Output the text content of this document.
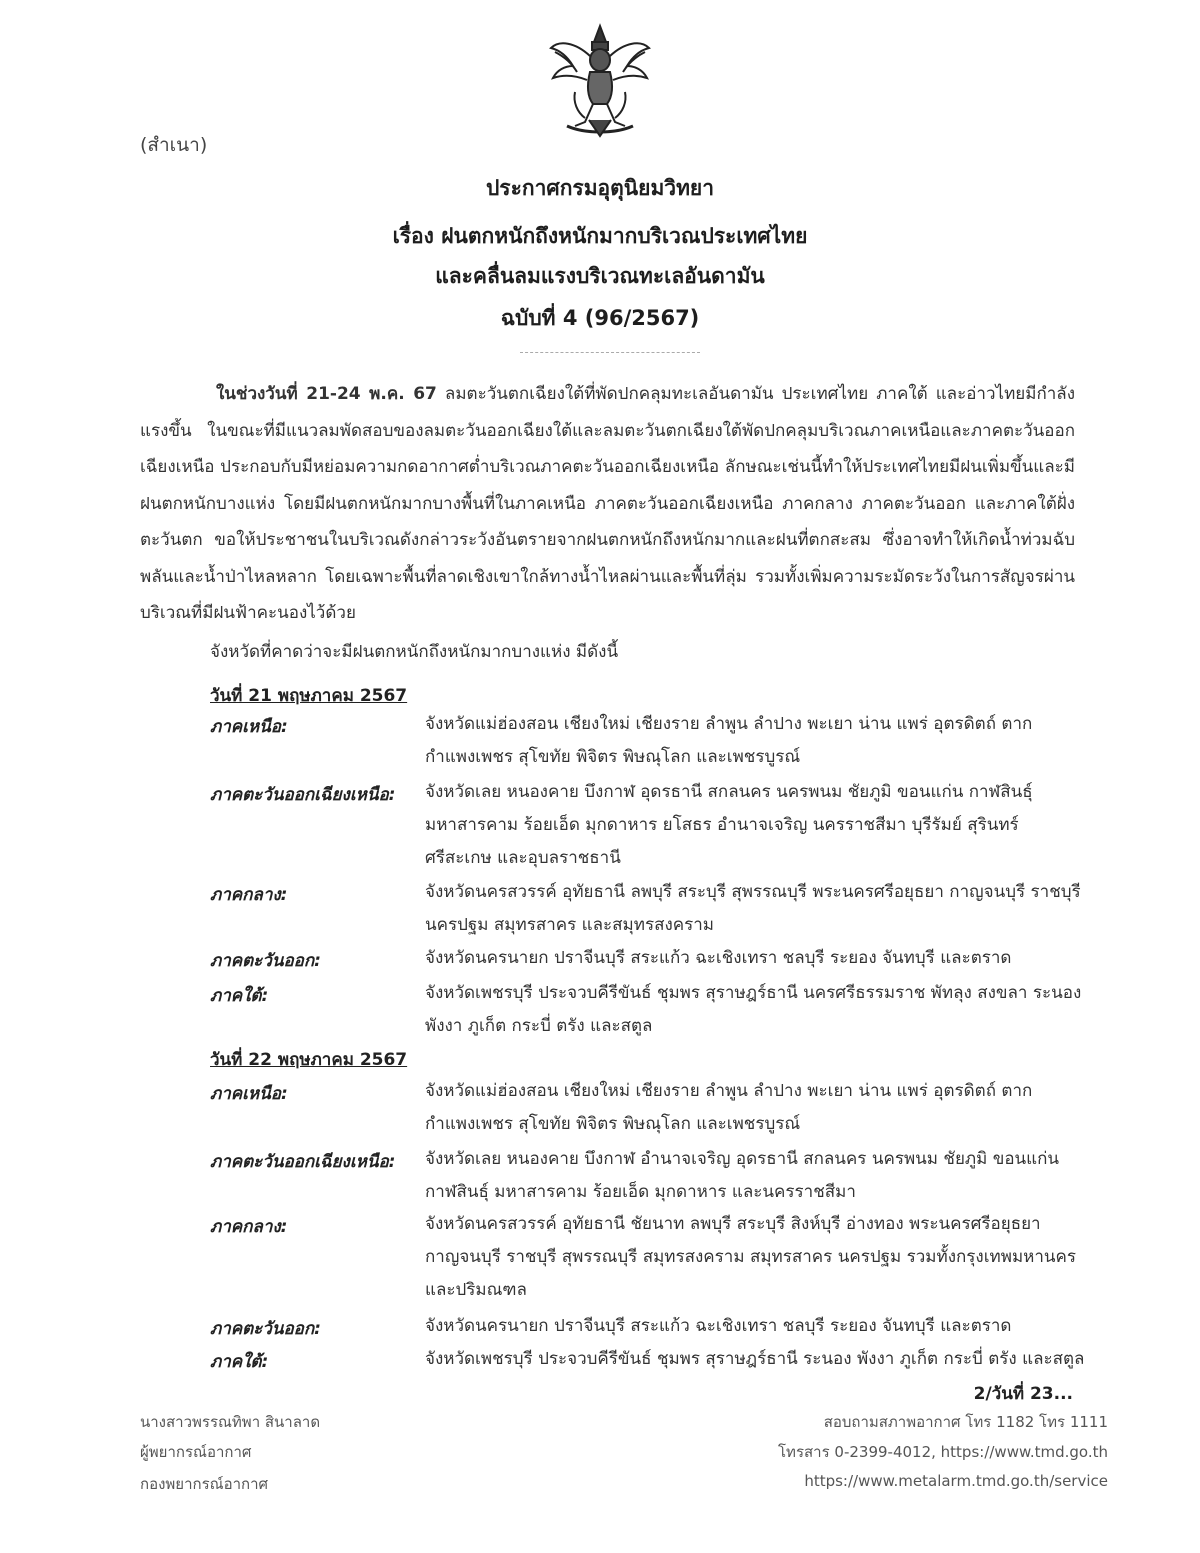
(สำเนา)
ประกาศกรมอุตุนิยมวิทยา
เรื่อง ฝนตกหนักถึงหนักมากบริเวณประเทศไทย
และคลื่นลมแรงบริเวณทะเลอันดามัน
ฉบับที่ 4 (96/2567)
ในช่วงวันที่ 21-24 พ.ค. 67 ลมตะวันตกเฉียงใต้ที่พัดปกคลุมทะเลอันดามัน ประเทศไทย ภาคใต้ และอ่าวไทยมีกำลังแรงขึ้น ในขณะที่มีแนวลมพัดสอบของลมตะวันออกเฉียงใต้และลมตะวันตกเฉียงใต้พัดปกคลุมบริเวณภาคเหนือและภาคตะวันออกเฉียงเหนือ ประกอบกับมีหย่อมความกดอากาศต่ำบริเวณภาคตะวันออกเฉียงเหนือ ลักษณะเช่นนี้ทำให้ประเทศไทยมีฝนเพิ่มขึ้นและมีฝนตกหนักบางแห่ง โดยมีฝนตกหนักมากบางพื้นที่ในภาคเหนือ ภาคตะวันออกเฉียงเหนือ ภาคกลาง ภาคตะวันออก และภาคใต้ฝั่งตะวันตก ขอให้ประชาชนในบริเวณดังกล่าวระวังอันตรายจากฝนตกหนักถึงหนักมากและฝนที่ตกสะสม ซึ่งอาจทำให้เกิดน้ำท่วมฉับพลันและน้ำป่าไหลหลาก โดยเฉพาะพื้นที่ลาดเชิงเขาใกล้ทางน้ำไหลผ่านและพื้นที่ลุ่ม รวมทั้งเพิ่มความระมัดระวังในการสัญจรผ่านบริเวณที่มีฝนฟ้าคะนองไว้ด้วย
จังหวัดที่คาดว่าจะมีฝนตกหนักถึงหนักมากบางแห่ง มีดังนี้
วันที่ 21 พฤษภาคม 2567
ภาคเหนือ:	จังหวัดแม่ฮ่องสอน เชียงใหม่ เชียงราย ลำพูน ลำปาง พะเยา น่าน แพร่ อุตรดิตถ์ ตาก กำแพงเพชร สุโขทัย พิจิตร พิษณุโลก และเพชรบูรณ์
ภาคตะวันออกเฉียงเหนือ:	จังหวัดเลย หนองคาย บึงกาฬ อุดรธานี สกลนคร นครพนม ชัยภูมิ ขอนแก่น กาฬสินธุ์ มหาสารคาม ร้อยเอ็ด มุกดาหาร ยโสธร อำนาจเจริญ นครราชสีมา บุรีรัมย์ สุรินทร์ ศรีสะเกษ และอุบลราชธานี
ภาคกลาง:	จังหวัดนครสวรรค์ อุทัยธานี ลพบุรี สระบุรี สุพรรณบุรี พระนครศรีอยุธยา กาญจนบุรี ราชบุรี นครปฐม สมุทรสาคร และสมุทรสงคราม
ภาคตะวันออก:	จังหวัดนครนายก ปราจีนบุรี สระแก้ว ฉะเชิงเทรา ชลบุรี ระยอง จันทบุรี และตราด
ภาคใต้:	จังหวัดเพชรบุรี ประจวบคีรีขันธ์ ชุมพร สุราษฎร์ธานี นครศรีธรรมราช พัทลุง สงขลา ระนอง พังงา ภูเก็ต กระบี่ ตรัง และสตูล
วันที่ 22 พฤษภาคม 2567
ภาคเหนือ:	จังหวัดแม่ฮ่องสอน เชียงใหม่ เชียงราย ลำพูน ลำปาง พะเยา น่าน แพร่ อุตรดิตถ์ ตาก กำแพงเพชร สุโขทัย พิจิตร พิษณุโลก และเพชรบูรณ์
ภาคตะวันออกเฉียงเหนือ:	จังหวัดเลย หนองคาย บึงกาฬ อำนาจเจริญ อุดรธานี สกลนคร นครพนม ชัยภูมิ ขอนแก่น กาฬสินธุ์ มหาสารคาม ร้อยเอ็ด มุกดาหาร และนครราชสีมา
ภาคกลาง:	จังหวัดนครสวรรค์ อุทัยธานี ชัยนาท ลพบุรี สระบุรี สิงห์บุรี อ่างทอง พระนครศรีอยุธยา กาญจนบุรี ราชบุรี สุพรรณบุรี สมุทรสงคราม สมุทรสาคร นครปฐม รวมทั้งกรุงเทพมหานครและปริมณฑล
ภาคตะวันออก:	จังหวัดนครนายก ปราจีนบุรี สระแก้ว ฉะเชิงเทรา ชลบุรี ระยอง จันทบุรี และตราด
ภาคใต้:	จังหวัดเพชรบุรี ประจวบคีรีขันธ์ ชุมพร สุราษฎร์ธานี ระนอง พังงา ภูเก็ต กระบี่ ตรัง และสตูล
2/วันที่ 23...
นางสาวพรรณทิพา สินาลาด
ผู้พยากรณ์อากาศ
กองพยากรณ์อากาศ
สอบถามสภาพอากาศ โทร 1182 โทร 1111
โทรสาร 0-2399-4012, https://www.tmd.go.th
https://www.metalarm.tmd.go.th/service
